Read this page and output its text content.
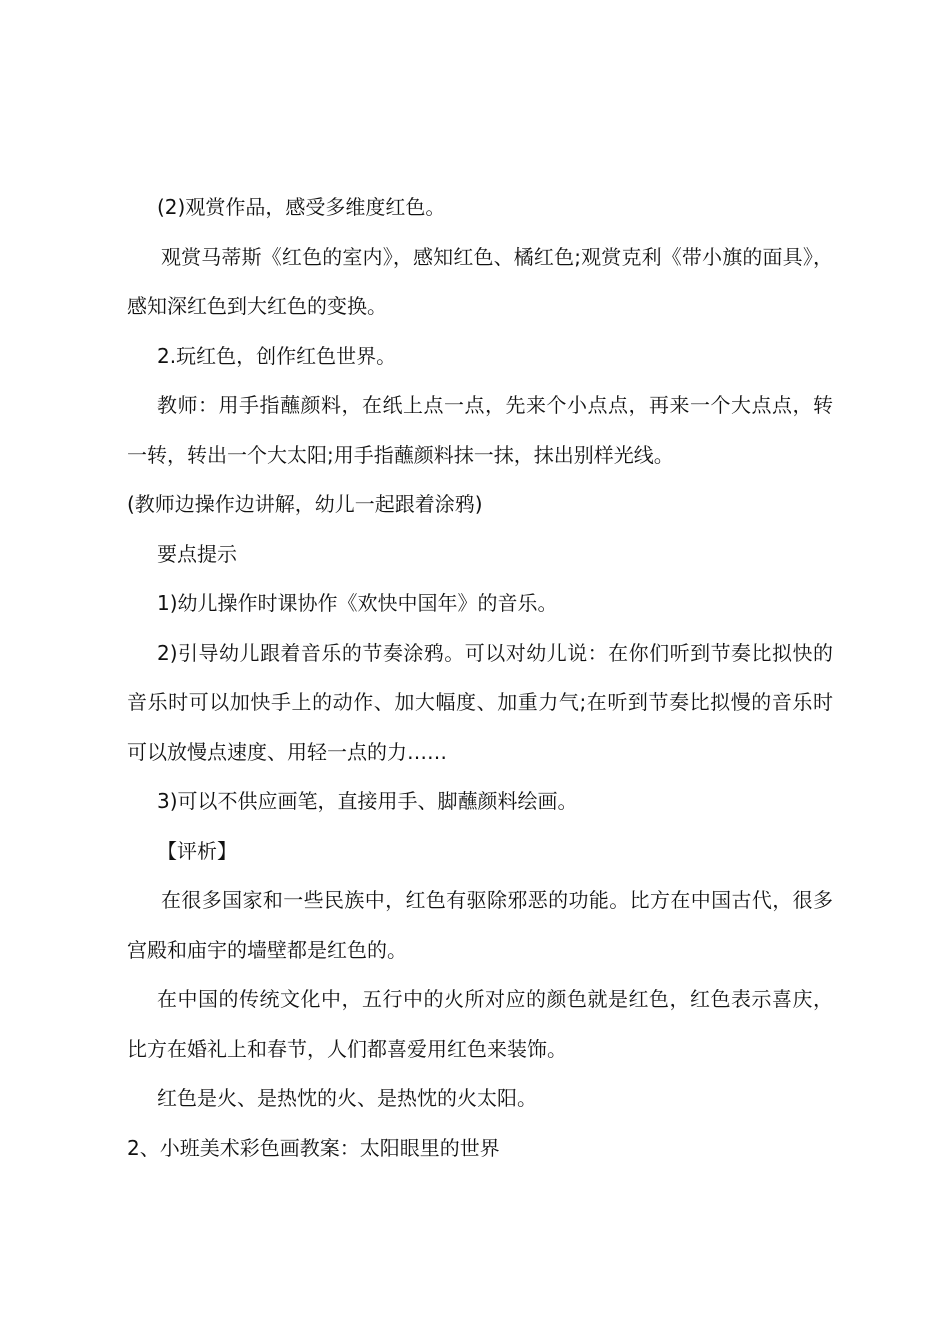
(2)观赏作品，感受多维度红色。

观赏马蒂斯《红色的室内》，感知红色、橘红色;观赏克利《带小旗的面具》，感知深红色到大红色的变换。

2.玩红色，创作红色世界。

教师：用手指蘸颜料，在纸上点一点，先来个小点点，再来一个大点点，转一转，转出一个大太阳;用手指蘸颜料抹一抹，抹出别样光线。

(教师边操作边讲解，幼儿一起跟着涂鸦)

要点提示

1)幼儿操作时课协作《欢快中国年》的音乐。

2)引导幼儿跟着音乐的节奏涂鸦。可以对幼儿说：在你们听到节奏比拟快的音乐时可以加快手上的动作、加大幅度、加重力气;在听到节奏比拟慢的音乐时可以放慢点速度、用轻一点的力……

3)可以不供应画笔，直接用手、脚蘸颜料绘画。

【评析】

在很多国家和一些民族中，红色有驱除邪恶的功能。比方在中国古代，很多宫殿和庙宇的墙壁都是红色的。

在中国的传统文化中，五行中的火所对应的颜色就是红色，红色表示喜庆，比方在婚礼上和春节，人们都喜爱用红色来装饰。

红色是火、是热忱的火、是热忱的火太阳。

2、小班美术彩色画教案：太阳眼里的世界
